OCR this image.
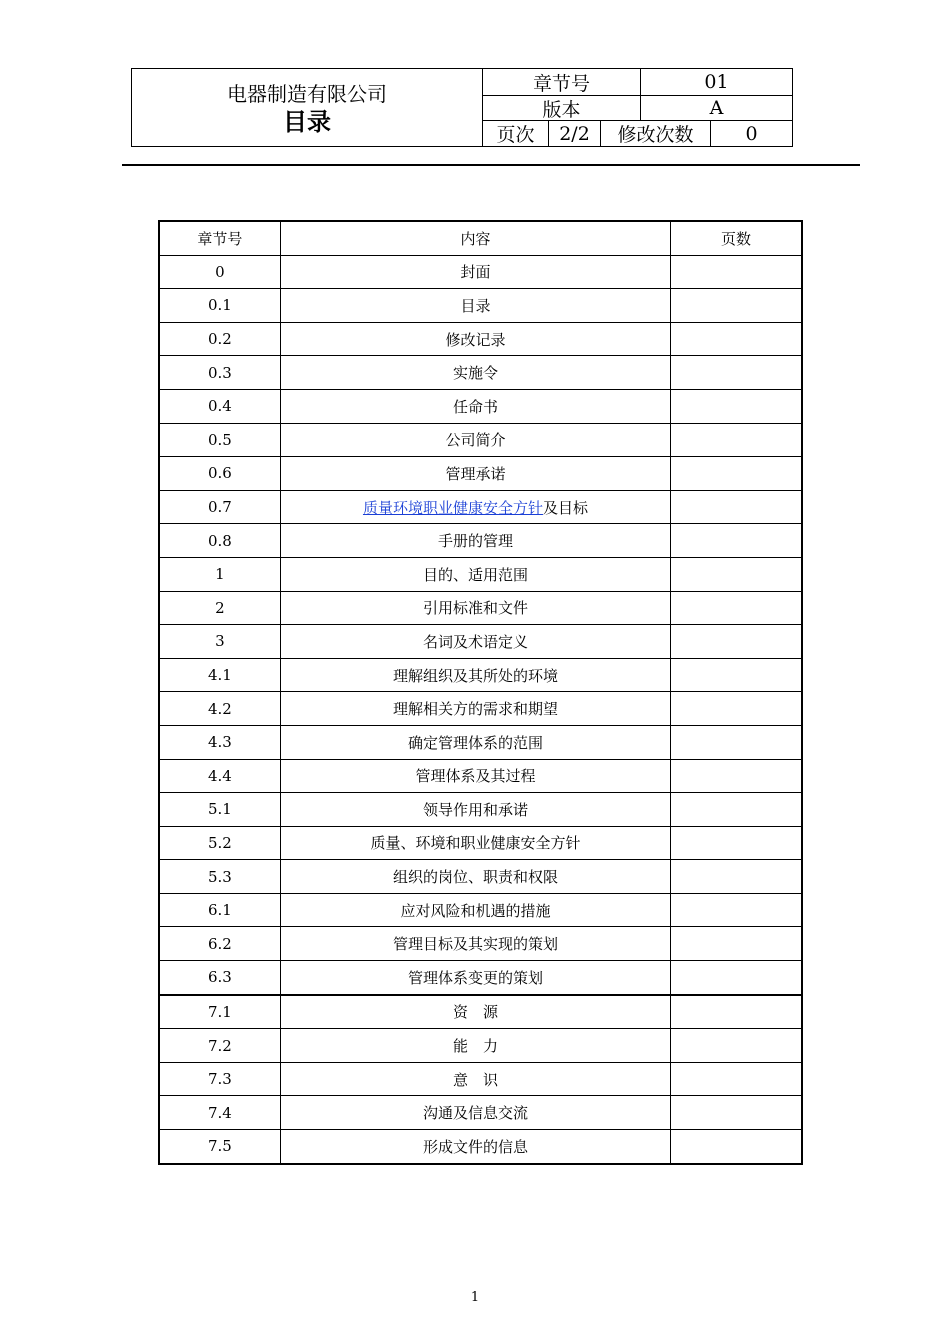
电器制造有限公司
目录
章节号	01
版本	A
页次	2/2	修改次数	0
章节号	内容	页数
0	封面	
0.1	目录	
0.2	修改记录	
0.3	实施令	
0.4	任命书	
0.5	公司简介	
0.6	管理承诺	
0.7	质量环境职业健康安全方针及目标	
0.8	手册的管理	
1	目的、适用范围	
2	引用标准和文件	
3	名词及术语定义	
4.1	理解组织及其所处的环境	
4.2	理解相关方的需求和期望	
4.3	确定管理体系的范围	
4.4	管理体系及其过程	
5.1	领导作用和承诺	
5.2	质量、环境和职业健康安全方针	
5.3	组织的岗位、职责和权限	
6.1	应对风险和机遇的措施	
6.2	管理目标及其实现的策划	
6.3	管理体系变更的策划	
7.1	资　源	
7.2	能　力	
7.3	意　识	
7.4	沟通及信息交流	
7.5	形成文件的信息	
1
